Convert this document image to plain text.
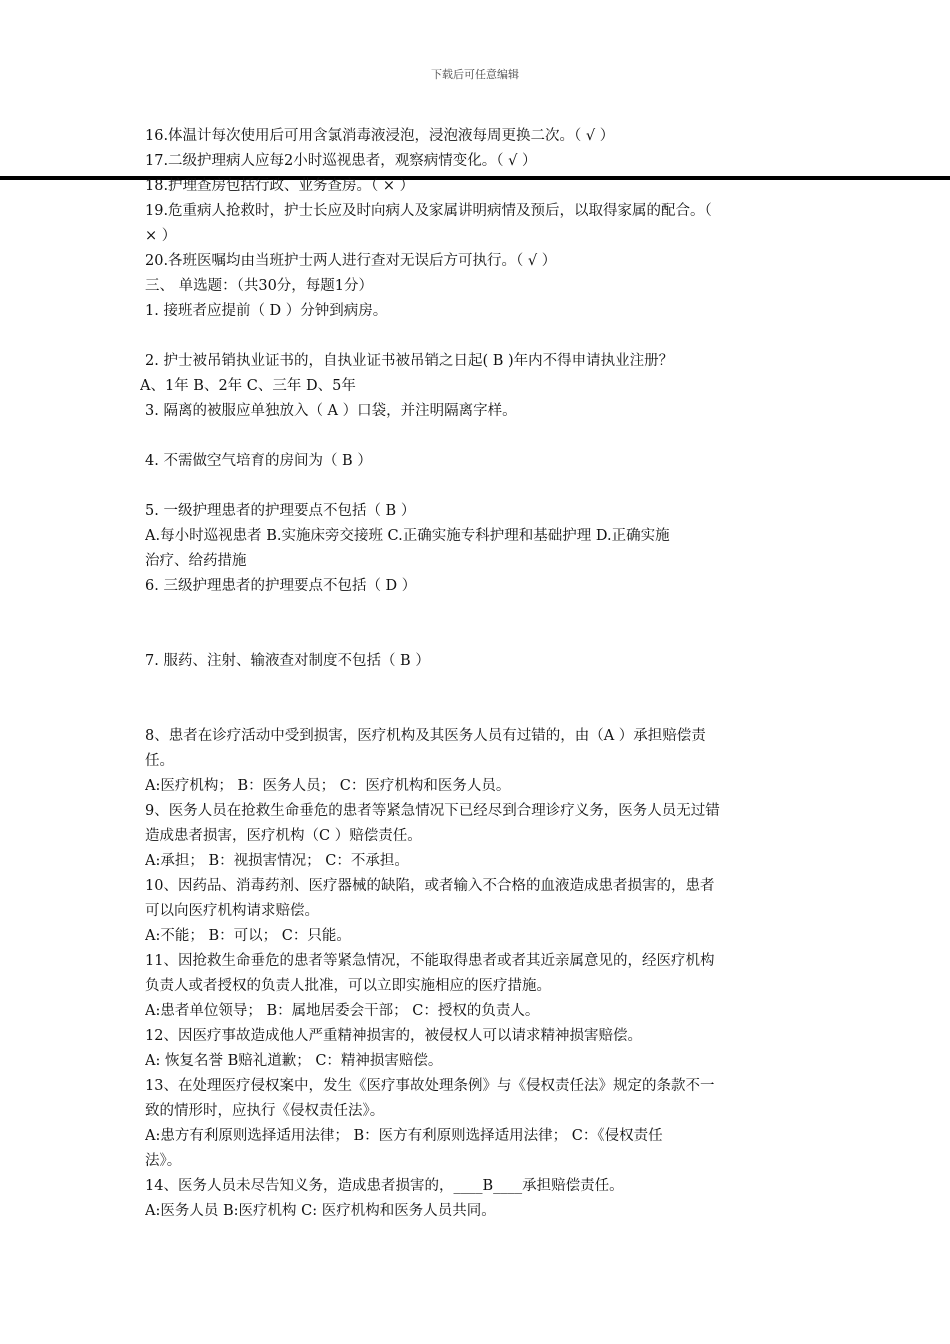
下载后可任意编辑
16.体温计每次使用后可用含氯消毒液浸泡，浸泡液每周更换二次。（ √ ）
17.二级护理病人应每2小时巡视患者，观察病情变化。（ √ ）
18.护理查房包括行政、业务查房。（ × ）
19.危重病人抢救时，护士长应及时向病人及家属讲明病情及预后，以取得家属的配合。（
× ）
20.各班医嘱均由当班护士两人进行查对无误后方可执行。（ √ ）
三、 单选题：（共30分，每题1分）
1. 接班者应提前（ D ）分钟到病房。
2. 护士被吊销执业证书的，自执业证书被吊销之日起( B )年内不得申请执业注册？
A、1年 B、2年 C、三年 D、5年
3. 隔离的被服应单独放入（ A ）口袋，并注明隔离字样。
4. 不需做空气培育的房间为（ B ）
5. 一级护理患者的护理要点不包括（ B ）
A.每小时巡视患者 B.实施床旁交接班 C.正确实施专科护理和基础护理 D.正确实施
治疗、给药措施
6. 三级护理患者的护理要点不包括（ D ）
7. 服药、注射、输液查对制度不包括（ B ）
8、患者在诊疗活动中受到损害，医疗机构及其医务人员有过错的，由（A ）承担赔偿责
任。
A:医疗机构； B：医务人员； C：医疗机构和医务人员。
9、医务人员在抢救生命垂危的患者等紧急情况下已经尽到合理诊疗义务，医务人员无过错
造成患者损害，医疗机构（C ）赔偿责任。
A:承担； B：视损害情况； C：不承担。
10、因药品、消毒药剂、医疗器械的缺陷，或者输入不合格的血液造成患者损害的，患者
可以向医疗机构请求赔偿。
A:不能； B：可以； C：只能。
11、因抢救生命垂危的患者等紧急情况，不能取得患者或者其近亲属意见的，经医疗机构
负责人或者授权的负责人批准，可以立即实施相应的医疗措施。
A:患者单位领导； B：属地居委会干部； C：授权的负责人。
12、因医疗事故造成他人严重精神损害的，被侵权人可以请求精神损害赔偿。
A: 恢复名誉 B赔礼道歉； C：精神损害赔偿。
13、在处理医疗侵权案中，发生《医疗事故处理条例》与《侵权责任法》规定的条款不一
致的情形时，应执行《侵权责任法》。
A:患方有利原则选择适用法律； B：医方有利原则选择适用法律； C：《侵权责任
法》。
14、医务人员未尽告知义务，造成患者损害的，____B____承担赔偿责任。
A:医务人员 B:医疗机构 C: 医疗机构和医务人员共同。
